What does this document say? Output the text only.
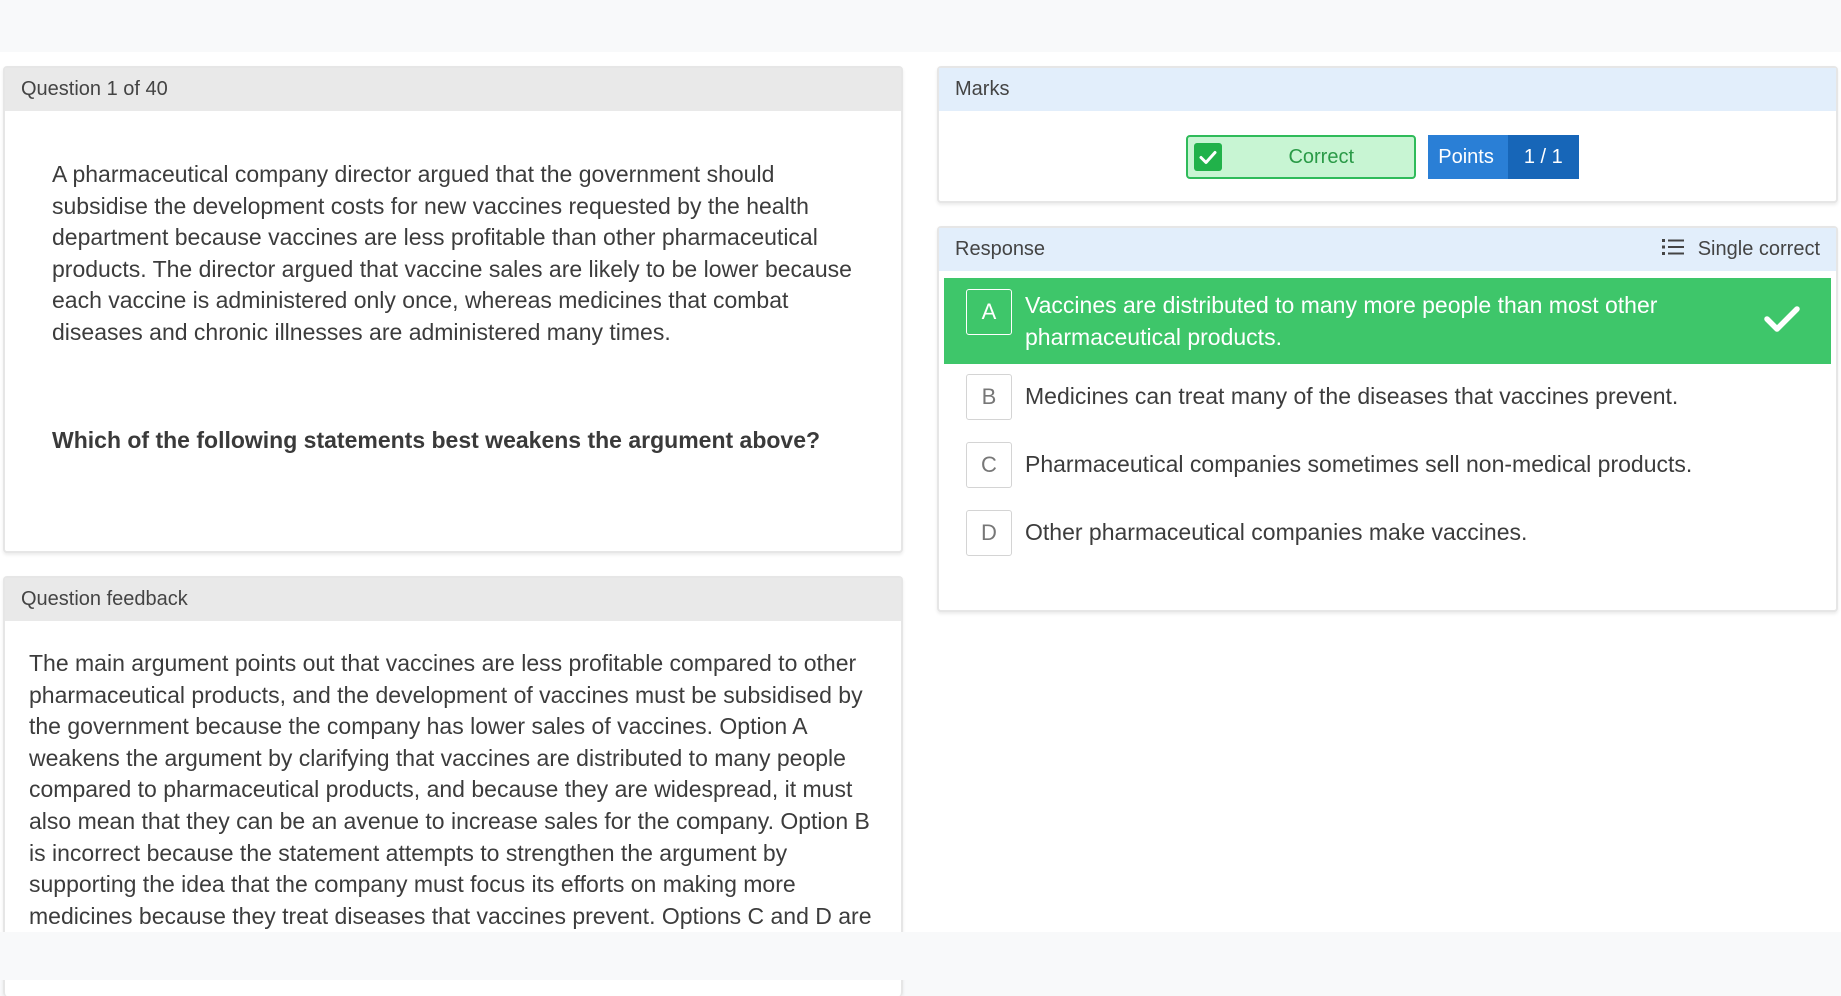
Question 1 of 40

A pharmaceutical company director argued that the government should subsidise the development costs for new vaccines requested by the health department because vaccines are less profitable than other pharmaceutical products. The director argued that vaccine sales are likely to be lower because each vaccine is administered only once, whereas medicines that combat diseases and chronic illnesses are administered many times.

Which of the following statements best weakens the argument above?

Question feedback
The main argument points out that vaccines are less profitable compared to other pharmaceutical products, and the development of vaccines must be subsidised by the government because the company has lower sales of vaccines. Option A weakens the argument by clarifying that vaccines are distributed to many people compared to pharmaceutical products, and because they are widespread, it must also mean that they can be an avenue to increase sales for the company. Option B is incorrect because the statement attempts to strengthen the argument by supporting the idea that the company must focus its efforts on making more medicines because they treat diseases that vaccines prevent. Options C and D are
Marks
Correct	Points	1 / 1
Response	Single correct
A	Vaccines are distributed to many more people than most other pharmaceutical products.
B	Medicines can treat many of the diseases that vaccines prevent.
C	Pharmaceutical companies sometimes sell non-medical products.
D	Other pharmaceutical companies make vaccines.
